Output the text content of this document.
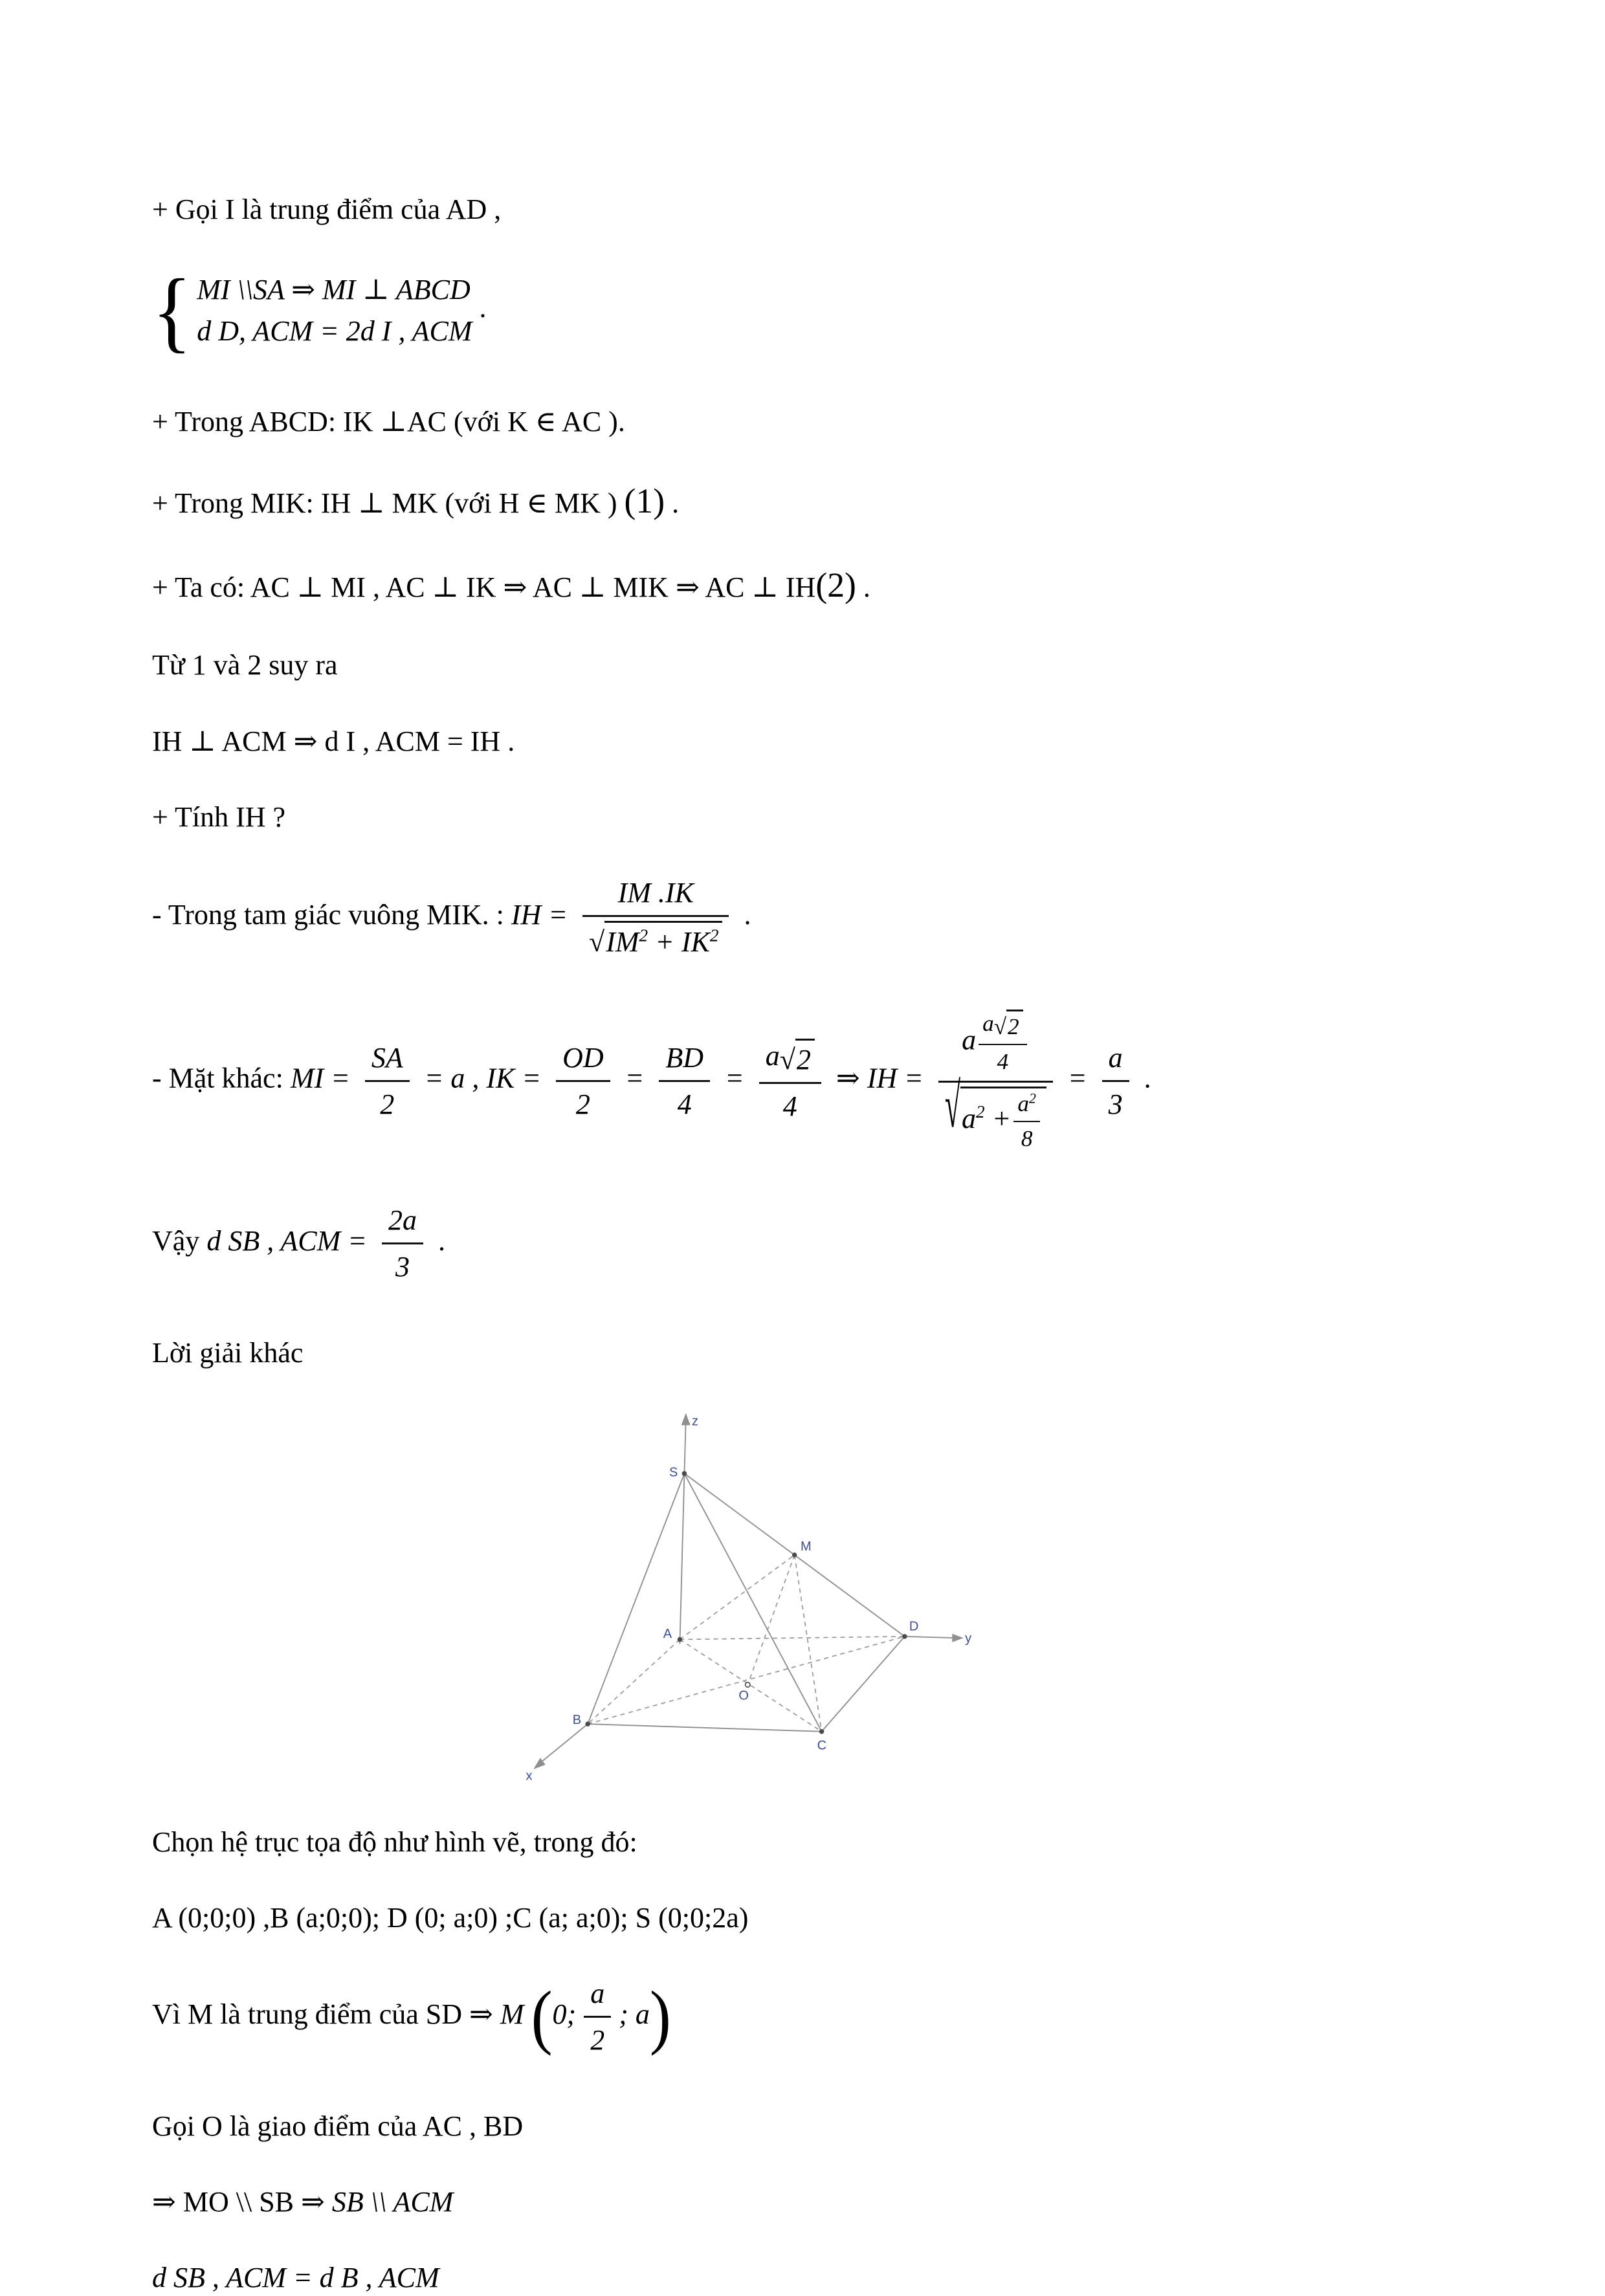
+ Gọi I là trung điểm của AD ,
{ MI \\SA ⇒ MI ⊥ ABCD
d D, ACM = 2d I , ACM
.
+ Trong ABCD: IK ⊥AC (với K ∈ AC ).
+ Trong MIK: IH ⊥ MK (với H ∈ MK ) (1) .
+ Ta có: AC ⊥ MI , AC ⊥ IK ⇒ AC ⊥ MIK ⇒ AC ⊥ IH(2) .
Từ 1 và 2 suy ra
IH ⊥ ACM ⇒ d I , ACM = IH .
+ Tính IH ?
- Trong tam giác vuông MIK. : IH = $\frac{IM .IK}{√IM^2 + IK^2}$ .
- Mặt khác: MI = $\frac{SA}{2} = a$ , IK = $\frac{OD}{2} = \frac{BD}{4} = \frac{a√2}{4}$ ⇒ IH = $\frac{a \frac{a√2}{4}}{√a^2 + \frac{a^2}{8}} = \frac{a}{3}$ .
Vậy d SB , ACM = $\frac{2a}{3}$ .
Lời giải khác
z
S
M
A
D
y
O
B
C
x
Chọn hệ trục tọa độ như hình vẽ, trong đó:
A (0;0;0) ,B (a;0;0); D (0; a;0) ;C (a; a;0); S (0;0;2a)
Vì M là trung điểm của SD ⇒ M (0; $\frac{a}{2}$ ; a)
Gọi O là giao điểm của AC , BD
⇒ MO \\ SB ⇒ SB \\ ACM
d SB , ACM = d B , ACM
